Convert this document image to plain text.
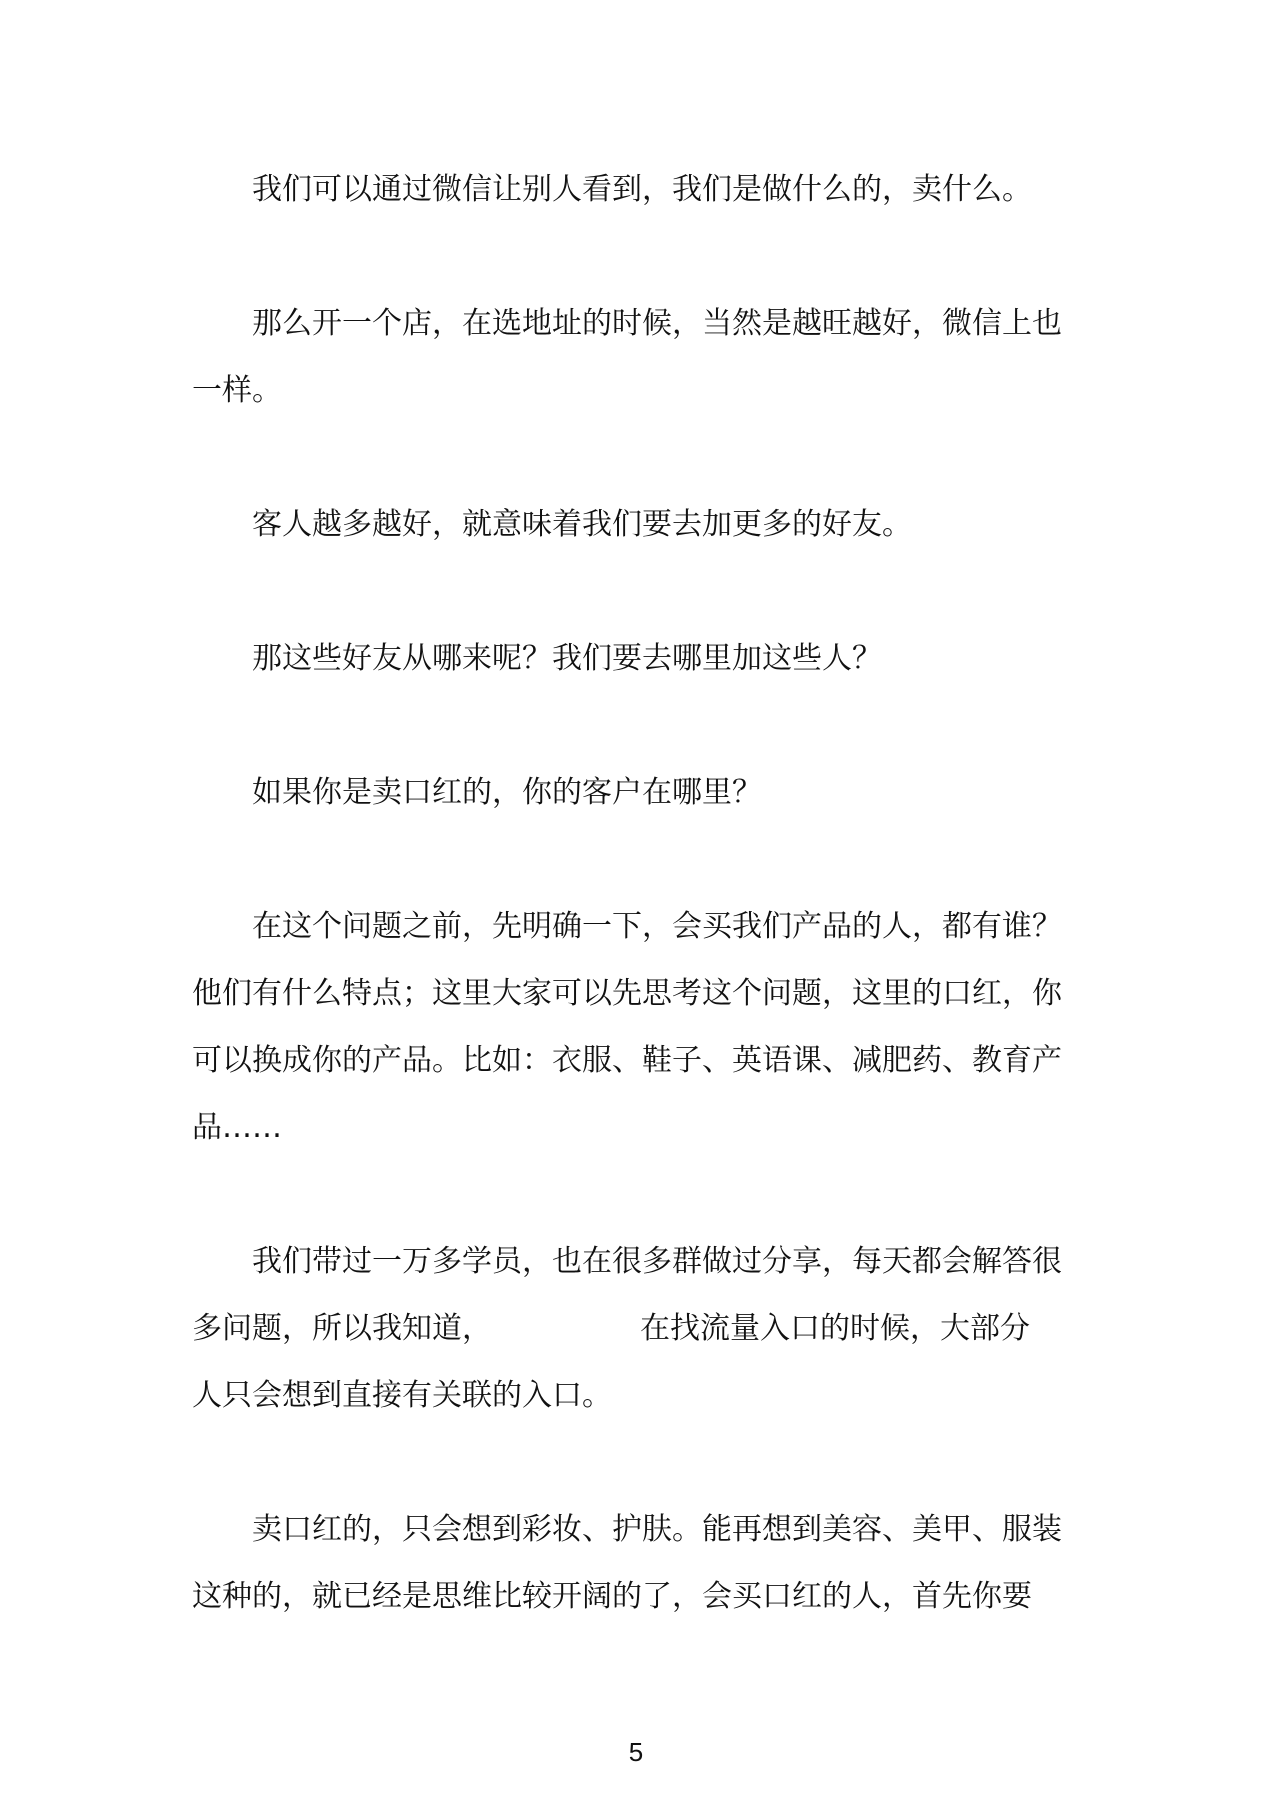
我们可以通过微信让别人看到，我们是做什么的，卖什么。

那么开一个店，在选地址的时候，当然是越旺越好，微信上也

一样。

客人越多越好，就意味着我们要去加更多的好友。

那这些好友从哪来呢？我们要去哪里加这些人？

如果你是卖口红的，你的客户在哪里？

在这个问题之前，先明确一下，会买我们产品的人，都有谁？

他们有什么特点；这里大家可以先思考这个问题，这里的口红，你

可以换成你的产品。比如：衣服、鞋子、英语课、减肥药、教育产

品……

我们带过一万多学员，也在很多群做过分享，每天都会解答很

多问题，所以我知道，	在找流量入口的时候，大部分

人只会想到直接有关联的入口。

卖口红的，只会想到彩妆、护肤。能再想到美容、美甲、服装

这种的，就已经是思维比较开阔的了，会买口红的人，首先你要

5
